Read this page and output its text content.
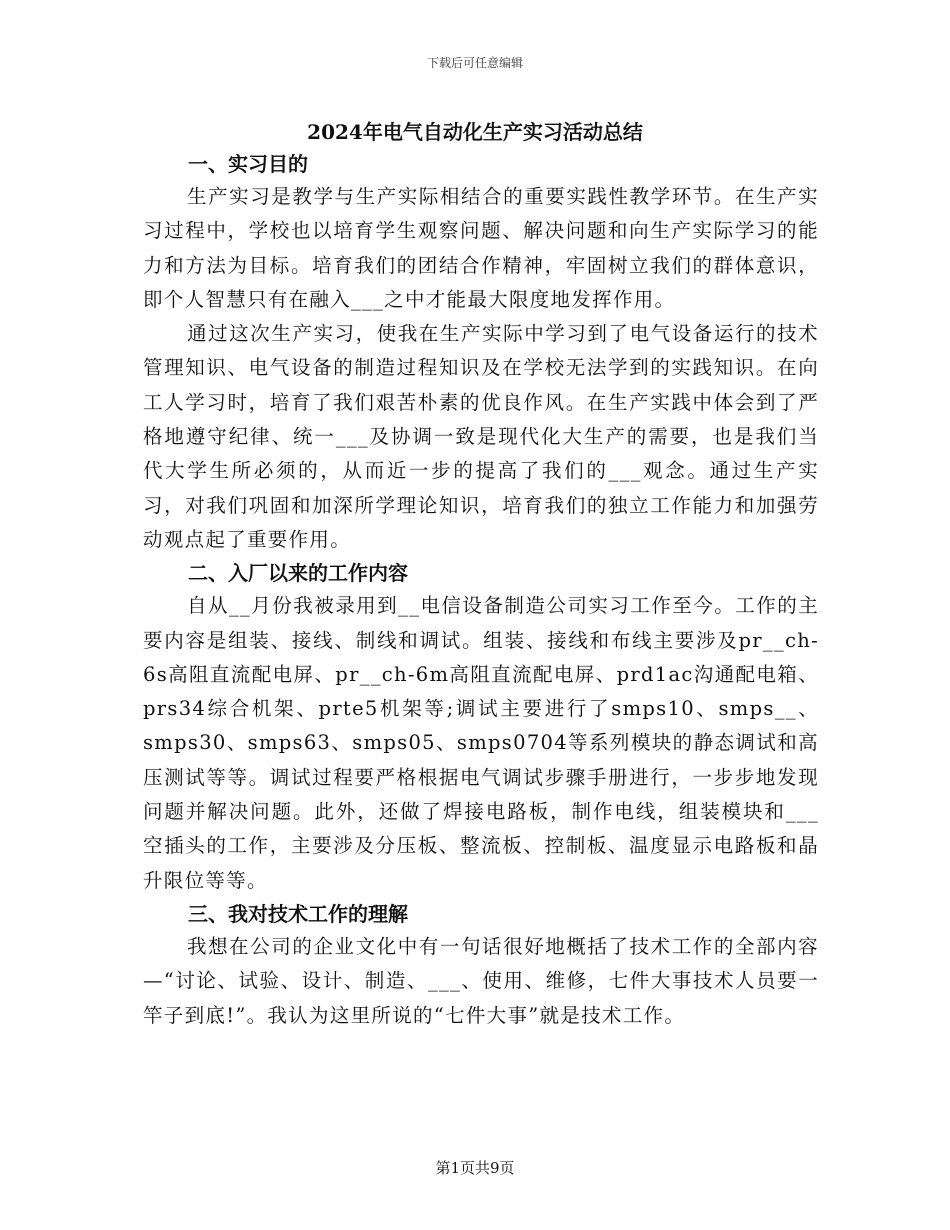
下载后可任意编辑
2024年电气自动化生产实习活动总结
一、实习目的

生产实习是教学与生产实际相结合的重要实践性教学环节。在生产实习过程中，学校也以培育学生观察问题、解决问题和向生产实际学习的能力和方法为目标。培育我们的团结合作精神，牢固树立我们的群体意识，即个人智慧只有在融入___之中才能最大限度地发挥作用。

通过这次生产实习，使我在生产实际中学习到了电气设备运行的技术管理知识、电气设备的制造过程知识及在学校无法学到的实践知识。在向工人学习时，培育了我们艰苦朴素的优良作风。在生产实践中体会到了严格地遵守纪律、统一___及协调一致是现代化大生产的需要，也是我们当代大学生所必须的，从而近一步的提高了我们的___观念。通过生产实习，对我们巩固和加深所学理论知识，培育我们的独立工作能力和加强劳动观点起了重要作用。

二、入厂以来的工作内容

自从__月份我被录用到__电信设备制造公司实习工作至今。工作的主要内容是组装、接线、制线和调试。组装、接线和布线主要涉及pr__ch-6s高阻直流配电屏、pr__ch-6m高阻直流配电屏、prd1ac沟通配电箱、prs34综合机架、prte5机架等;调试主要进行了smps10、smps__、smps30、smps63、smps05、smps0704等系列模块的静态调试和高压测试等等。调试过程要严格根据电气调试步骤手册进行，一步步地发现问题并解决问题。此外，还做了焊接电路板，制作电线，组装模块和___空插头的工作，主要涉及分压板、整流板、控制板、温度显示电路板和晶升限位等等。

三、我对技术工作的理解

我想在公司的企业文化中有一句话很好地概括了技术工作的全部内容—“讨论、试验、设计、制造、___、使用、维修，七件大事技术人员要一竿子到底!”。我认为这里所说的“七件大事”就是技术工作。

第1页共9页
